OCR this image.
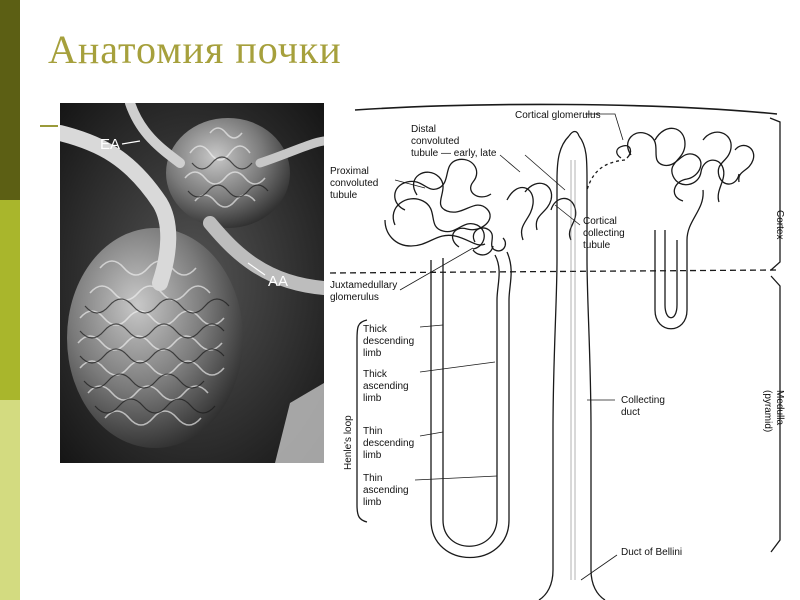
Анатомия почки
EA
AA
Cortical glomerulus
Distal
convoluted
tubule — early, late
Proximal
convoluted
tubule
Cortical
collecting
tubule
Juxtamedullary
glomerulus
Thick
descending
limb
Thick
ascending
limb
Thin
descending
limb
Thin
ascending
limb
Henle's loop
Collecting
duct
Duct of Bellini
Cortex
Medulla
(pyramid)
